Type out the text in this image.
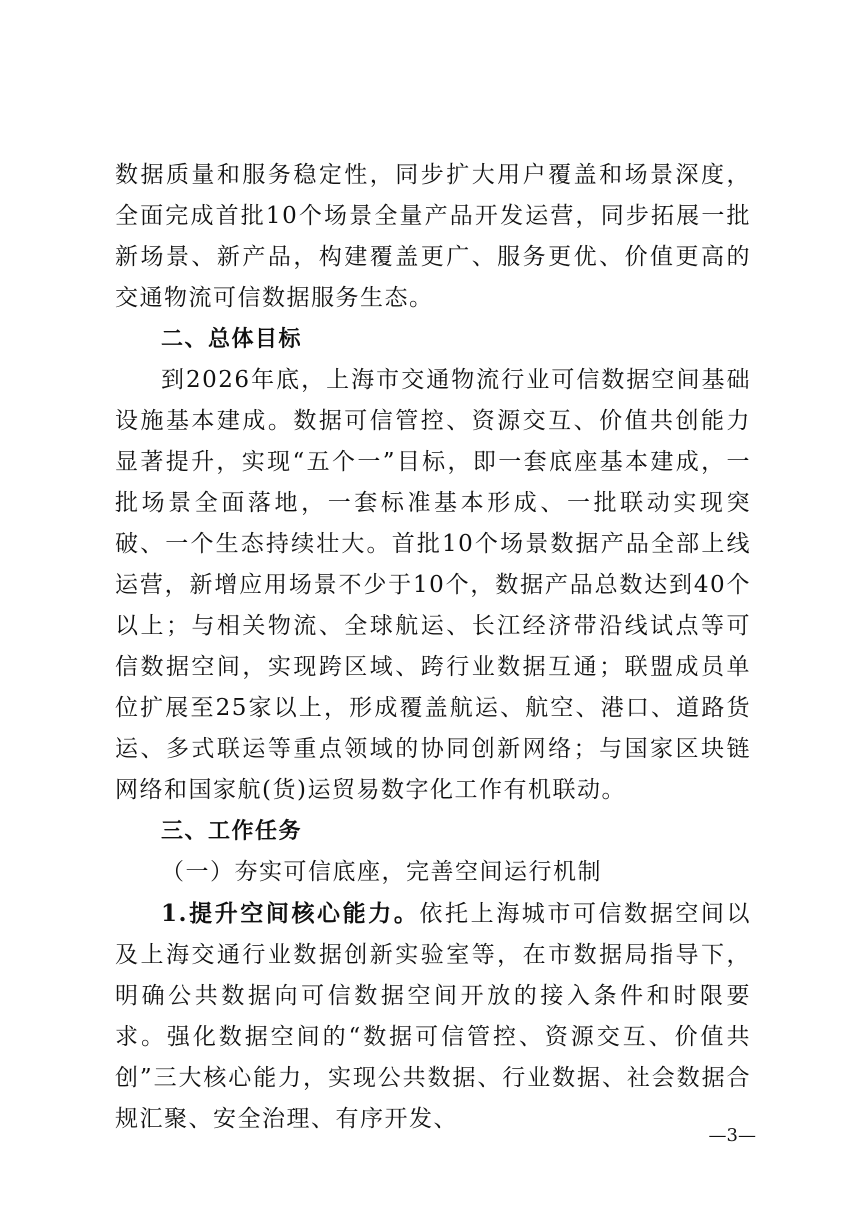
数据质量和服务稳定性，同步扩大用户覆盖和场景深度，全面完成首批10个场景全量产品开发运营，同步拓展一批新场景、新产品，构建覆盖更广、服务更优、价值更高的交通物流可信数据服务生态。

二、总体目标

到2026年底，上海市交通物流行业可信数据空间基础设施基本建成。数据可信管控、资源交互、价值共创能力显著提升，实现“五个一”目标，即一套底座基本建成，一批场景全面落地，一套标准基本形成、一批联动实现突破、一个生态持续壮大。首批10个场景数据产品全部上线运营，新增应用场景不少于10个，数据产品总数达到40个以上；与相关物流、全球航运、长江经济带沿线试点等可信数据空间，实现跨区域、跨行业数据互通；联盟成员单位扩展至25家以上，形成覆盖航运、航空、港口、道路货运、多式联运等重点领域的协同创新网络；与国家区块链网络和国家航(货)运贸易数字化工作有机联动。

三、工作任务

（一）夯实可信底座，完善空间运行机制

1.提升空间核心能力。依托上海城市可信数据空间以及上海交通行业数据创新实验室等，在市数据局指导下，明确公共数据向可信数据空间开放的接入条件和时限要求。强化数据空间的“数据可信管控、资源交互、价值共创”三大核心能力，实现公共数据、行业数据、社会数据合规汇聚、安全治理、有序开发、

—3—
